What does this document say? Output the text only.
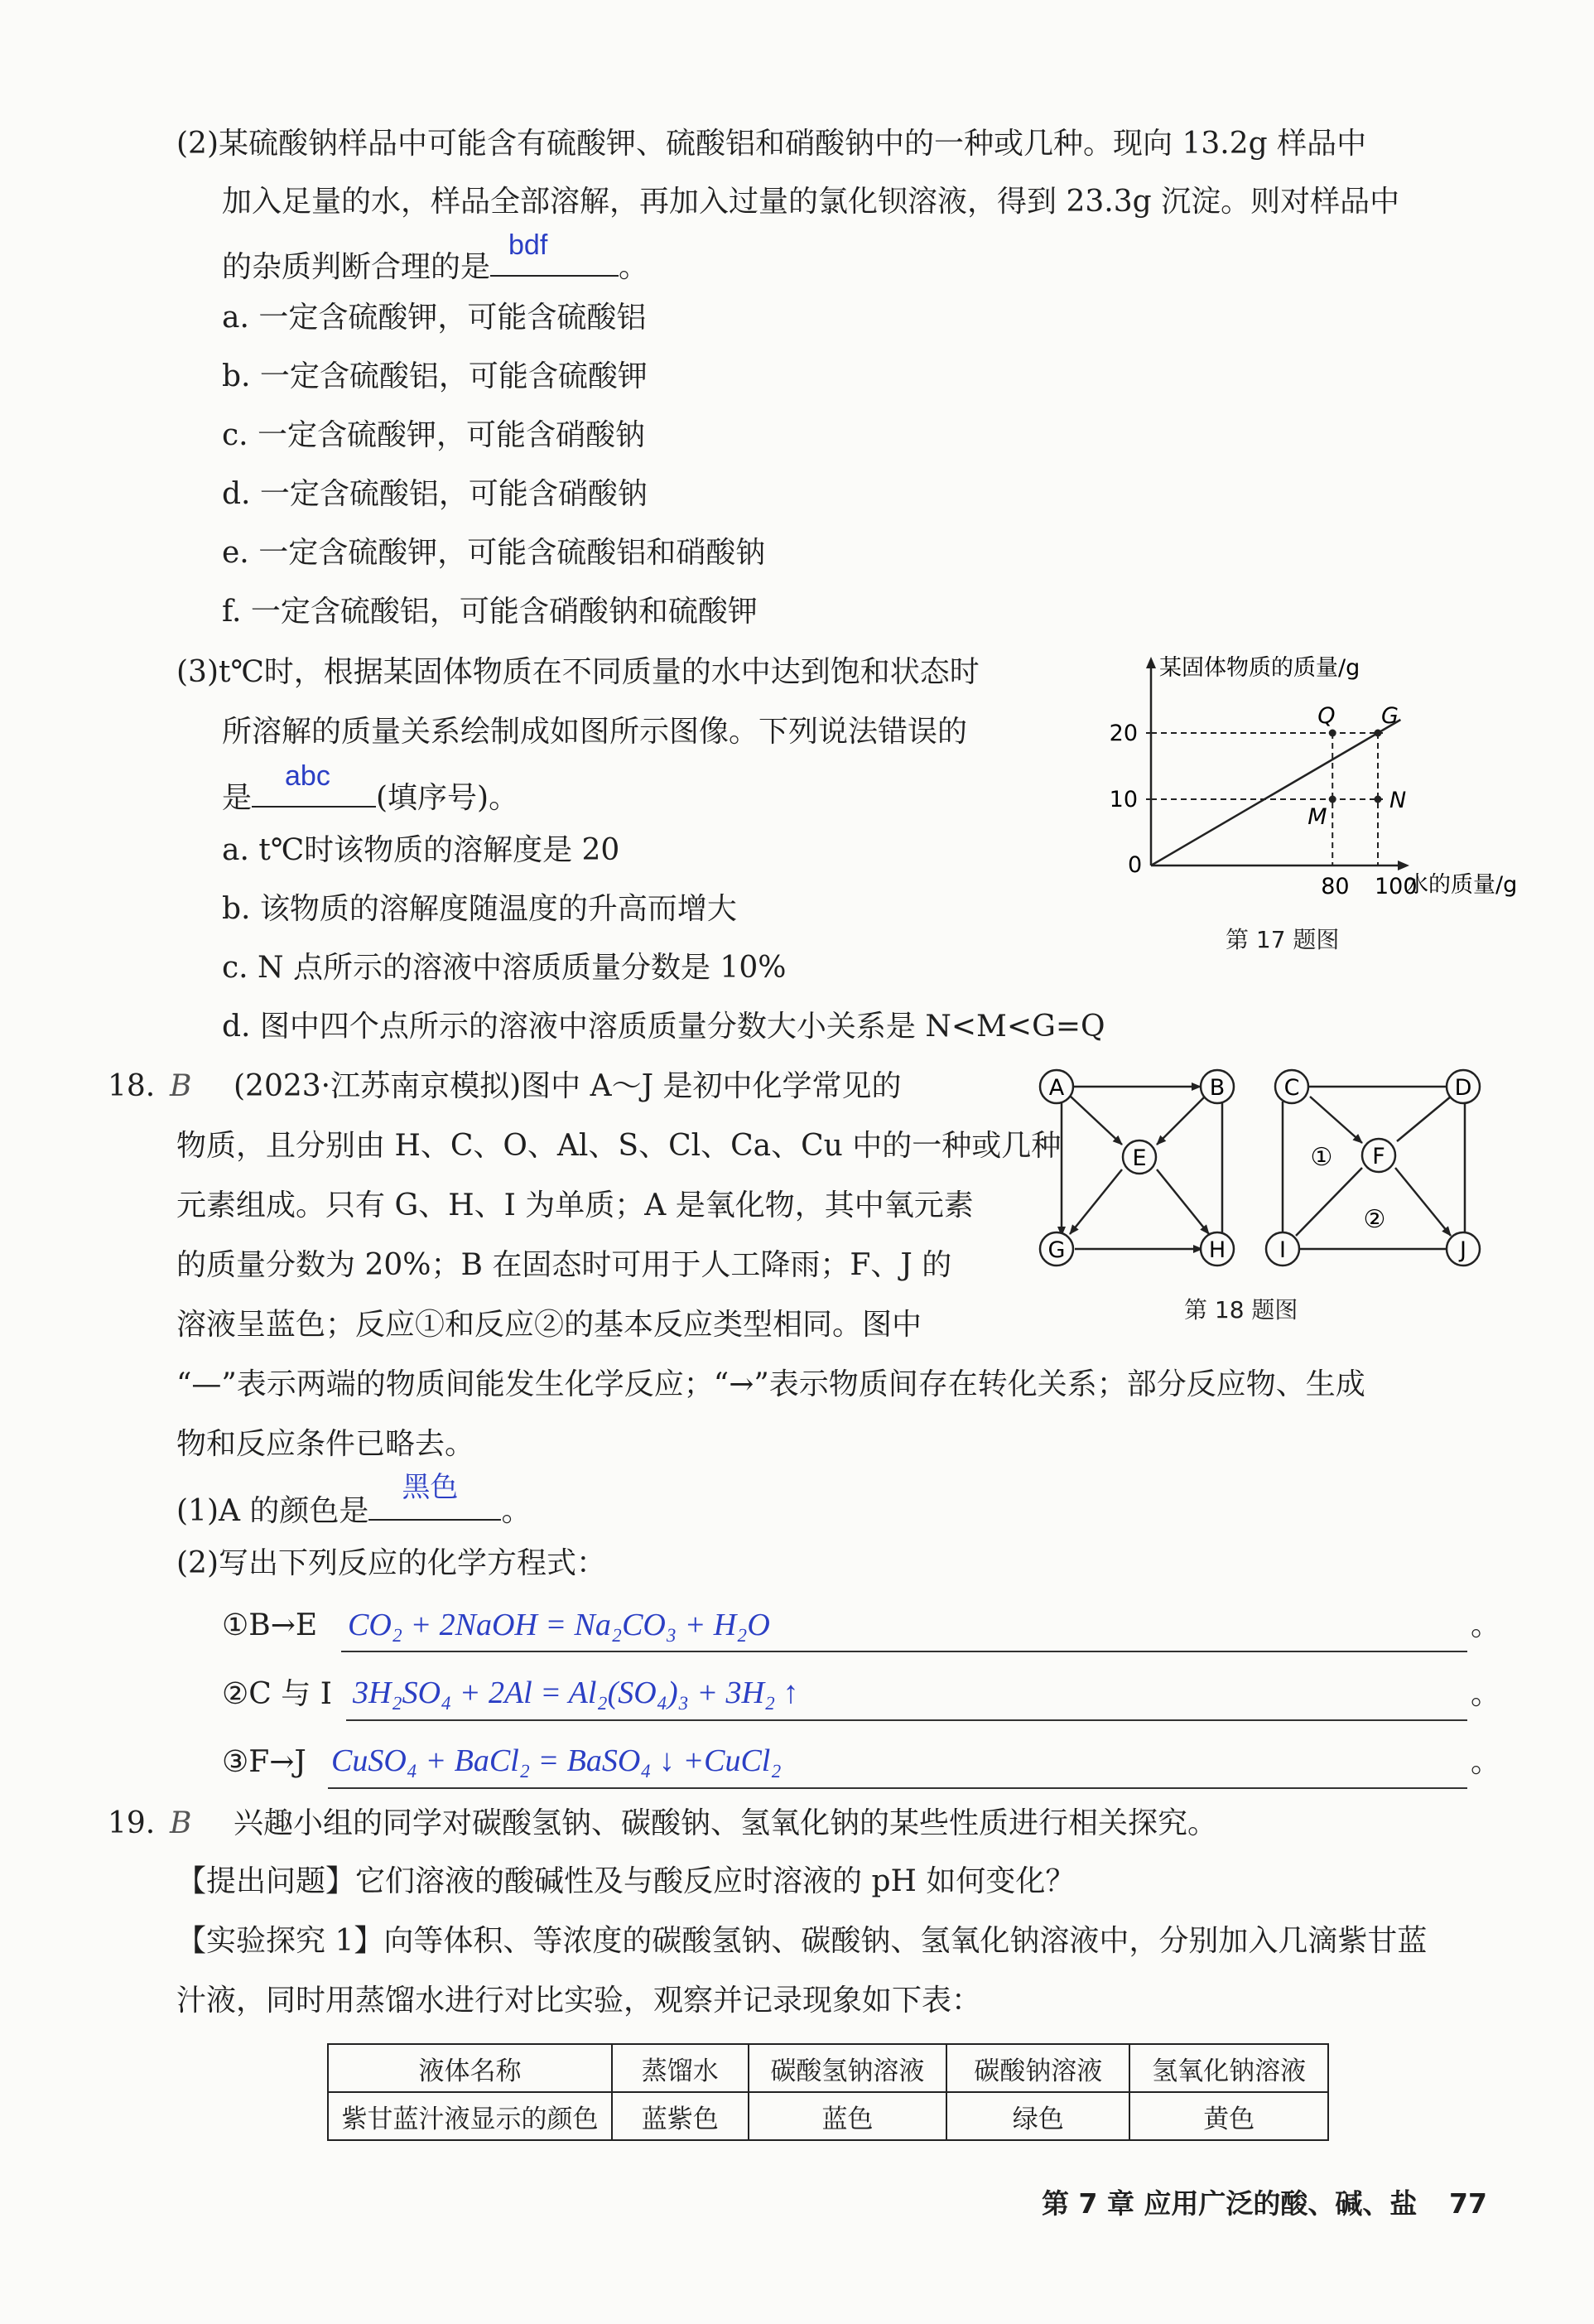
(2)某硫酸钠样品中可能含有硫酸钾、硫酸铝和硝酸钠中的一种或几种。现向 13.2g 样品中
加入足量的水，样品全部溶解，再加入过量的氯化钡溶液，得到 23.3g 沉淀。则对样品中
的杂质判断合理的是
bdf
。
a. 一定含硫酸钾，可能含硫酸铝
b. 一定含硫酸铝，可能含硫酸钾
c. 一定含硫酸钾，可能含硝酸钠
d. 一定含硫酸铝，可能含硝酸钠
e. 一定含硫酸钾，可能含硫酸铝和硝酸钠
f. 一定含硫酸铝，可能含硝酸钠和硫酸钾
(3)t℃时，根据某固体物质在不同质量的水中达到饱和状态时
所溶解的质量关系绘制成如图所示图像。下列说法错误的
是
abc
(填序号)。
a. t℃时该物质的溶解度是 20
b. 该物质的溶解度随温度的升高而增大
c. N 点所示的溶液中溶质质量分数是 10%
d. 图中四个点所示的溶液中溶质质量分数大小关系是 N<M<G=Q
某固体物质的质量/g
水的质量/g
0
80 100
10
20
Q G
M
N
第 17 题图
18. B (2023·江苏南京模拟)图中 A～J 是初中化学常见的
物质，且分别由 H、C、O、Al、S、Cl、Ca、Cu 中的一种或几种
元素组成。只有 G、H、I 为单质；A 是氧化物，其中氧元素
的质量分数为 20%；B 在固态时可用于人工降雨；F、J 的
溶液呈蓝色；反应①和反应②的基本反应类型相同。图中
“—”表示两端的物质间能发生化学反应；“→”表示物质间存在转化关系；部分反应物、生成
物和反应条件已略去。
A	B	C	D
E	F
G	H I	J
①
②
第 18 题图
(1)A 的颜色是
黑色
。
(2)写出下列反应的化学方程式：
①B→E CO₂ + 2NaOH = Na₂CO₃ + H₂O	。
②C 与 I 3H₂SO₄ + 2Al = Al₂(SO₄)₃ + 3H₂ ↑	。
③F→J CuSO₄ + BaCl₂ = BaSO₄ ↓ +CuCl₂	。
19. B 兴趣小组的同学对碳酸氢钠、碳酸钠、氢氧化钠的某些性质进行相关探究。
【提出问题】它们溶液的酸碱性及与酸反应时溶液的 pH 如何变化？
【实验探究 1】向等体积、等浓度的碳酸氢钠、碳酸钠、氢氧化钠溶液中，分别加入几滴紫甘蓝
汁液，同时用蒸馏水进行对比实验，观察并记录现象如下表：
液体名称	蒸馏水	碳酸氢钠溶液	碳酸钠溶液	氢氧化钠溶液
紫甘蓝汁液显示的颜色	蓝紫色	蓝色	绿色	黄色
第 7 章 应用广泛的酸、碱、盐 77
